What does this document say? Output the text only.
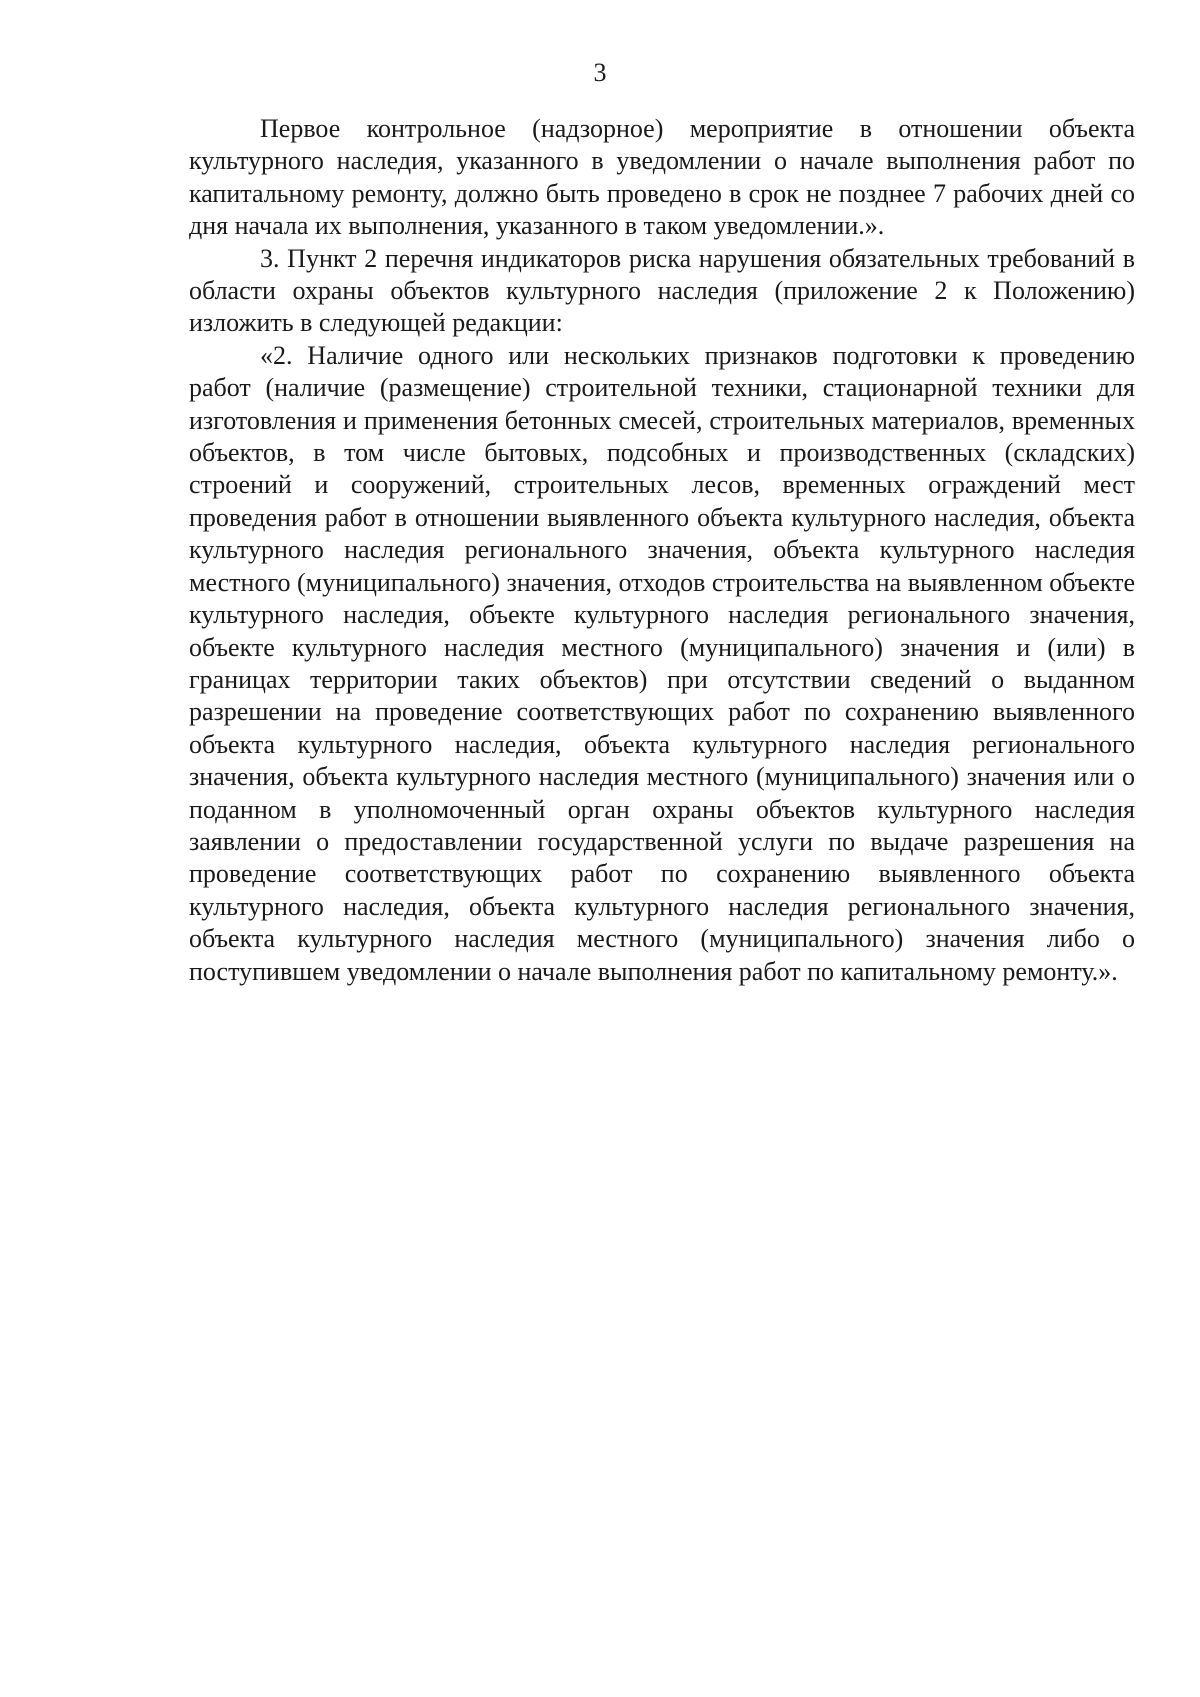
3

Первое контрольное (надзорное) мероприятие в отношении объекта культурного наследия, указанного в уведомлении о начале выполнения работ по капитальному ремонту, должно быть проведено в срок не позднее 7 рабочих дней со дня начала их выполнения, указанного в таком уведомлении.».

3. Пункт 2 перечня индикаторов риска нарушения обязательных требований в области охраны объектов культурного наследия (приложение 2 к Положению) изложить в следующей редакции:

«2. Наличие одного или нескольких признаков подготовки к проведению работ (наличие (размещение) строительной техники, стационарной техники для изготовления и применения бетонных смесей, строительных материалов, временных объектов, в том числе бытовых, подсобных и производственных (складских) строений и сооружений, строительных лесов, временных ограждений мест проведения работ в отношении выявленного объекта культурного наследия, объекта культурного наследия регионального значения, объекта культурного наследия местного (муниципального) значения, отходов строительства на выявленном объекте культурного наследия, объекте культурного наследия регионального значения, объекте культурного наследия местного (муниципального) значения и (или) в границах территории таких объектов) при отсутствии сведений о выданном разрешении на проведение соответствующих работ по сохранению выявленного объекта культурного наследия, объекта культурного наследия регионального значения, объекта культурного наследия местного (муниципального) значения или о поданном в уполномоченный орган охраны объектов культурного наследия заявлении о предоставлении государственной услуги по выдаче разрешения на проведение соответствующих работ по сохранению выявленного объекта культурного наследия, объекта культурного наследия регионального значения, объекта культурного наследия местного (муниципального) значения либо о поступившем уведомлении о начале выполнения работ по капитальному ремонту.».
